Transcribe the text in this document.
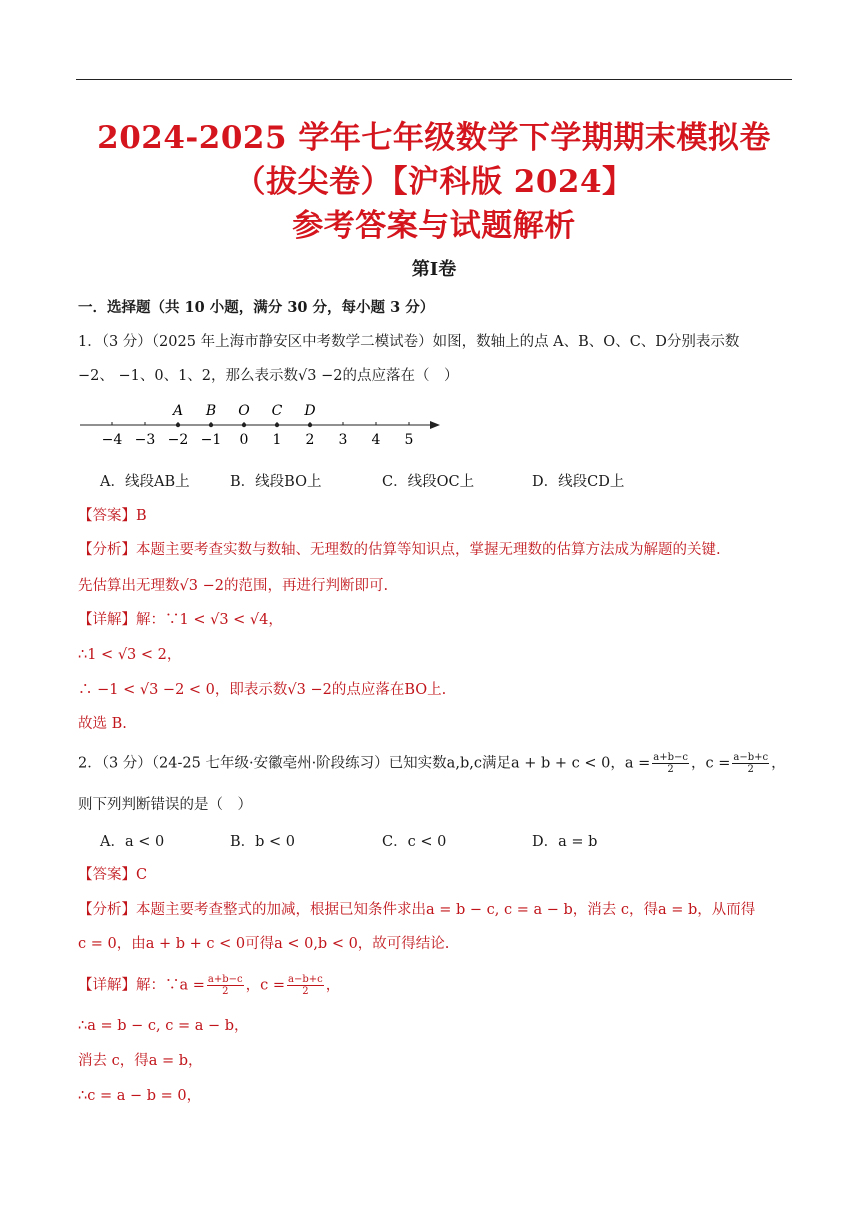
2024-2025 学年七年级数学下学期期末模拟卷
（拔尖卷）【沪科版 2024】
参考答案与试题解析
第Ⅰ卷
一．选择题（共 10 小题，满分 30 分，每小题 3 分）
1．（3 分）（2025 年上海市静安区中考数学二模试卷）如图，数轴上的点 A、B、O、C、D分别表示数
−2、 −1、0、1、2，那么表示数√3 −2的点应落在（　）
−4 −3 −2 −1 0 1 2 3 4 5
A B O C D
A．线段AB上	B．线段BO上	C．线段OC上	D．线段CD上
【答案】B
【分析】本题主要考查实数与数轴、无理数的估算等知识点，掌握无理数的估算方法成为解题的关键.
先估算出无理数√3 −2的范围，再进行判断即可.
【详解】解：∵1 < √3 < √4，
∴1 < √3 < 2，
∴ −1 < √3 −2 < 0，即表示数√3 −2的点应落在BO上.
故选 B.
2．（3 分）（24-25 七年级·安徽亳州·阶段练习）已知实数a,b,c满足a + b + c < 0，$a = \frac{a+b-c}{2}$ ，$c = \frac{a-b+c}{2}$ ，
则下列判断错误的是（　）
A．a < 0	B．b < 0	C．c < 0	D．a = b
【答案】C
【分析】本题主要考查整式的加减，根据已知条件求出a = b − c, c = a − b，消去 c，得a = b，从而得
c = 0，由a + b + c < 0可得a < 0,b < 0，故可得结论.
【详解】解：∵a = $\frac{a+b-c}{2}$ ，$c = \frac{a-b+c}{2}$ ，
∴a = b − c, c = a − b，
消去 c，得a = b，
∴c = a − b = 0，
